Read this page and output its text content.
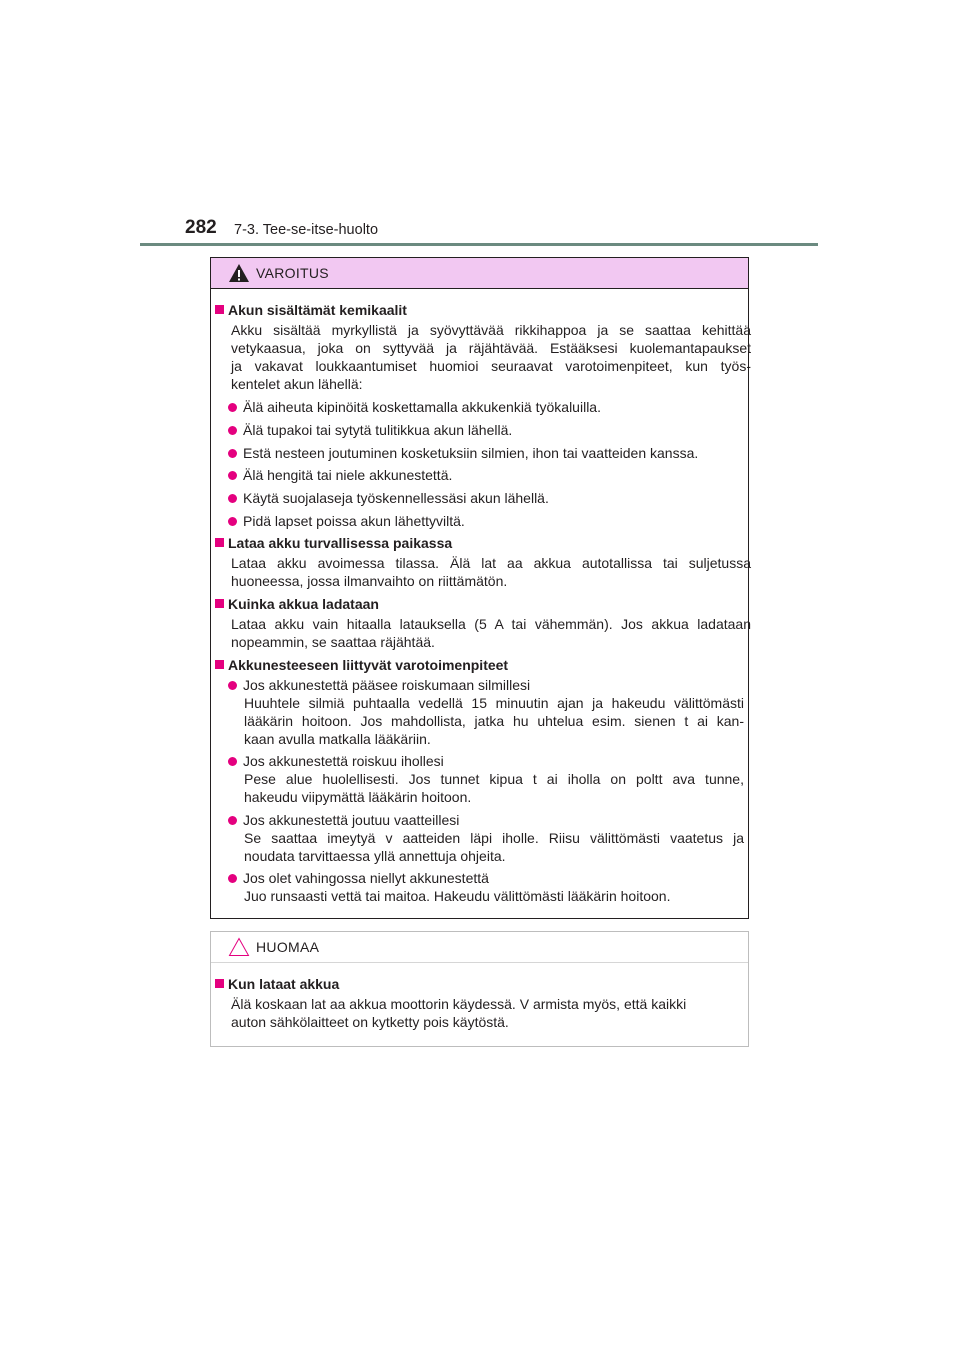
282 7-3. Tee-se-itse-huolto
VAROITUS
Akun sisältämät kemikaalit
Akku sisältää myrkyllistä ja syövyttävää rikkihappoa ja se saattaa kehittää
vetykaasua, joka on syttyvää ja räjähtävää. Estääksesi kuolemantapaukset
ja vakavat loukkaantumiset huomioi seuraavat varotoimenpiteet, kun työs-
kentelet akun lähellä:
Älä aiheuta kipinöitä koskettamalla akkukenkiä työkaluilla.
Älä tupakoi tai sytytä tulitikkua akun lähellä.
Estä nesteen joutuminen kosketuksiin silmien, ihon tai vaatteiden kanssa.
Älä hengitä tai niele akkunestettä.
Käytä suojalaseja työskennellessäsi akun lähellä.
Pidä lapset poissa akun lähettyviltä.
Lataa akku turvallisessa paikassa
Lataa akku avoimessa tilassa. Älä lat aa akkua autotallissa tai suljetussa
huoneessa, jossa ilmanvaihto on riittämätön.
Kuinka akkua ladataan
Lataa akku vain hitaalla latauksella (5 A tai vähemmän). Jos akkua ladataan
nopeammin, se saattaa räjähtää.
Akkunesteeseen liittyvät varotoimenpiteet
Jos akkunestettä pääsee roiskumaan silmillesi
Huuhtele silmiä puhtaalla vedellä 15 minuutin ajan ja hakeudu välittömästi
lääkärin hoitoon. Jos mahdollista, jatka hu uhtelua esim. sienen t ai kan-
kaan avulla matkalla lääkäriin.
Jos akkunestettä roiskuu ihollesi
Pese alue huolellisesti. Jos tunnet kipua t ai iholla on poltt ava tunne,
hakeudu viipymättä lääkärin hoitoon.
Jos akkunestettä joutuu vaatteillesi
Se saattaa imeytyä v aatteiden läpi iholle. Riisu välittömästi vaatetus ja
noudata tarvittaessa yllä annettuja ohjeita.
Jos olet vahingossa niellyt akkunestettä
Juo runsaasti vettä tai maitoa. Hakeudu välittömästi lääkärin hoitoon.
HUOMAA
Kun lataat akkua
Älä koskaan lat aa akkua moottorin käydessä. V armista myös, että kaikki
auton sähkölaitteet on kytketty pois käytöstä.
